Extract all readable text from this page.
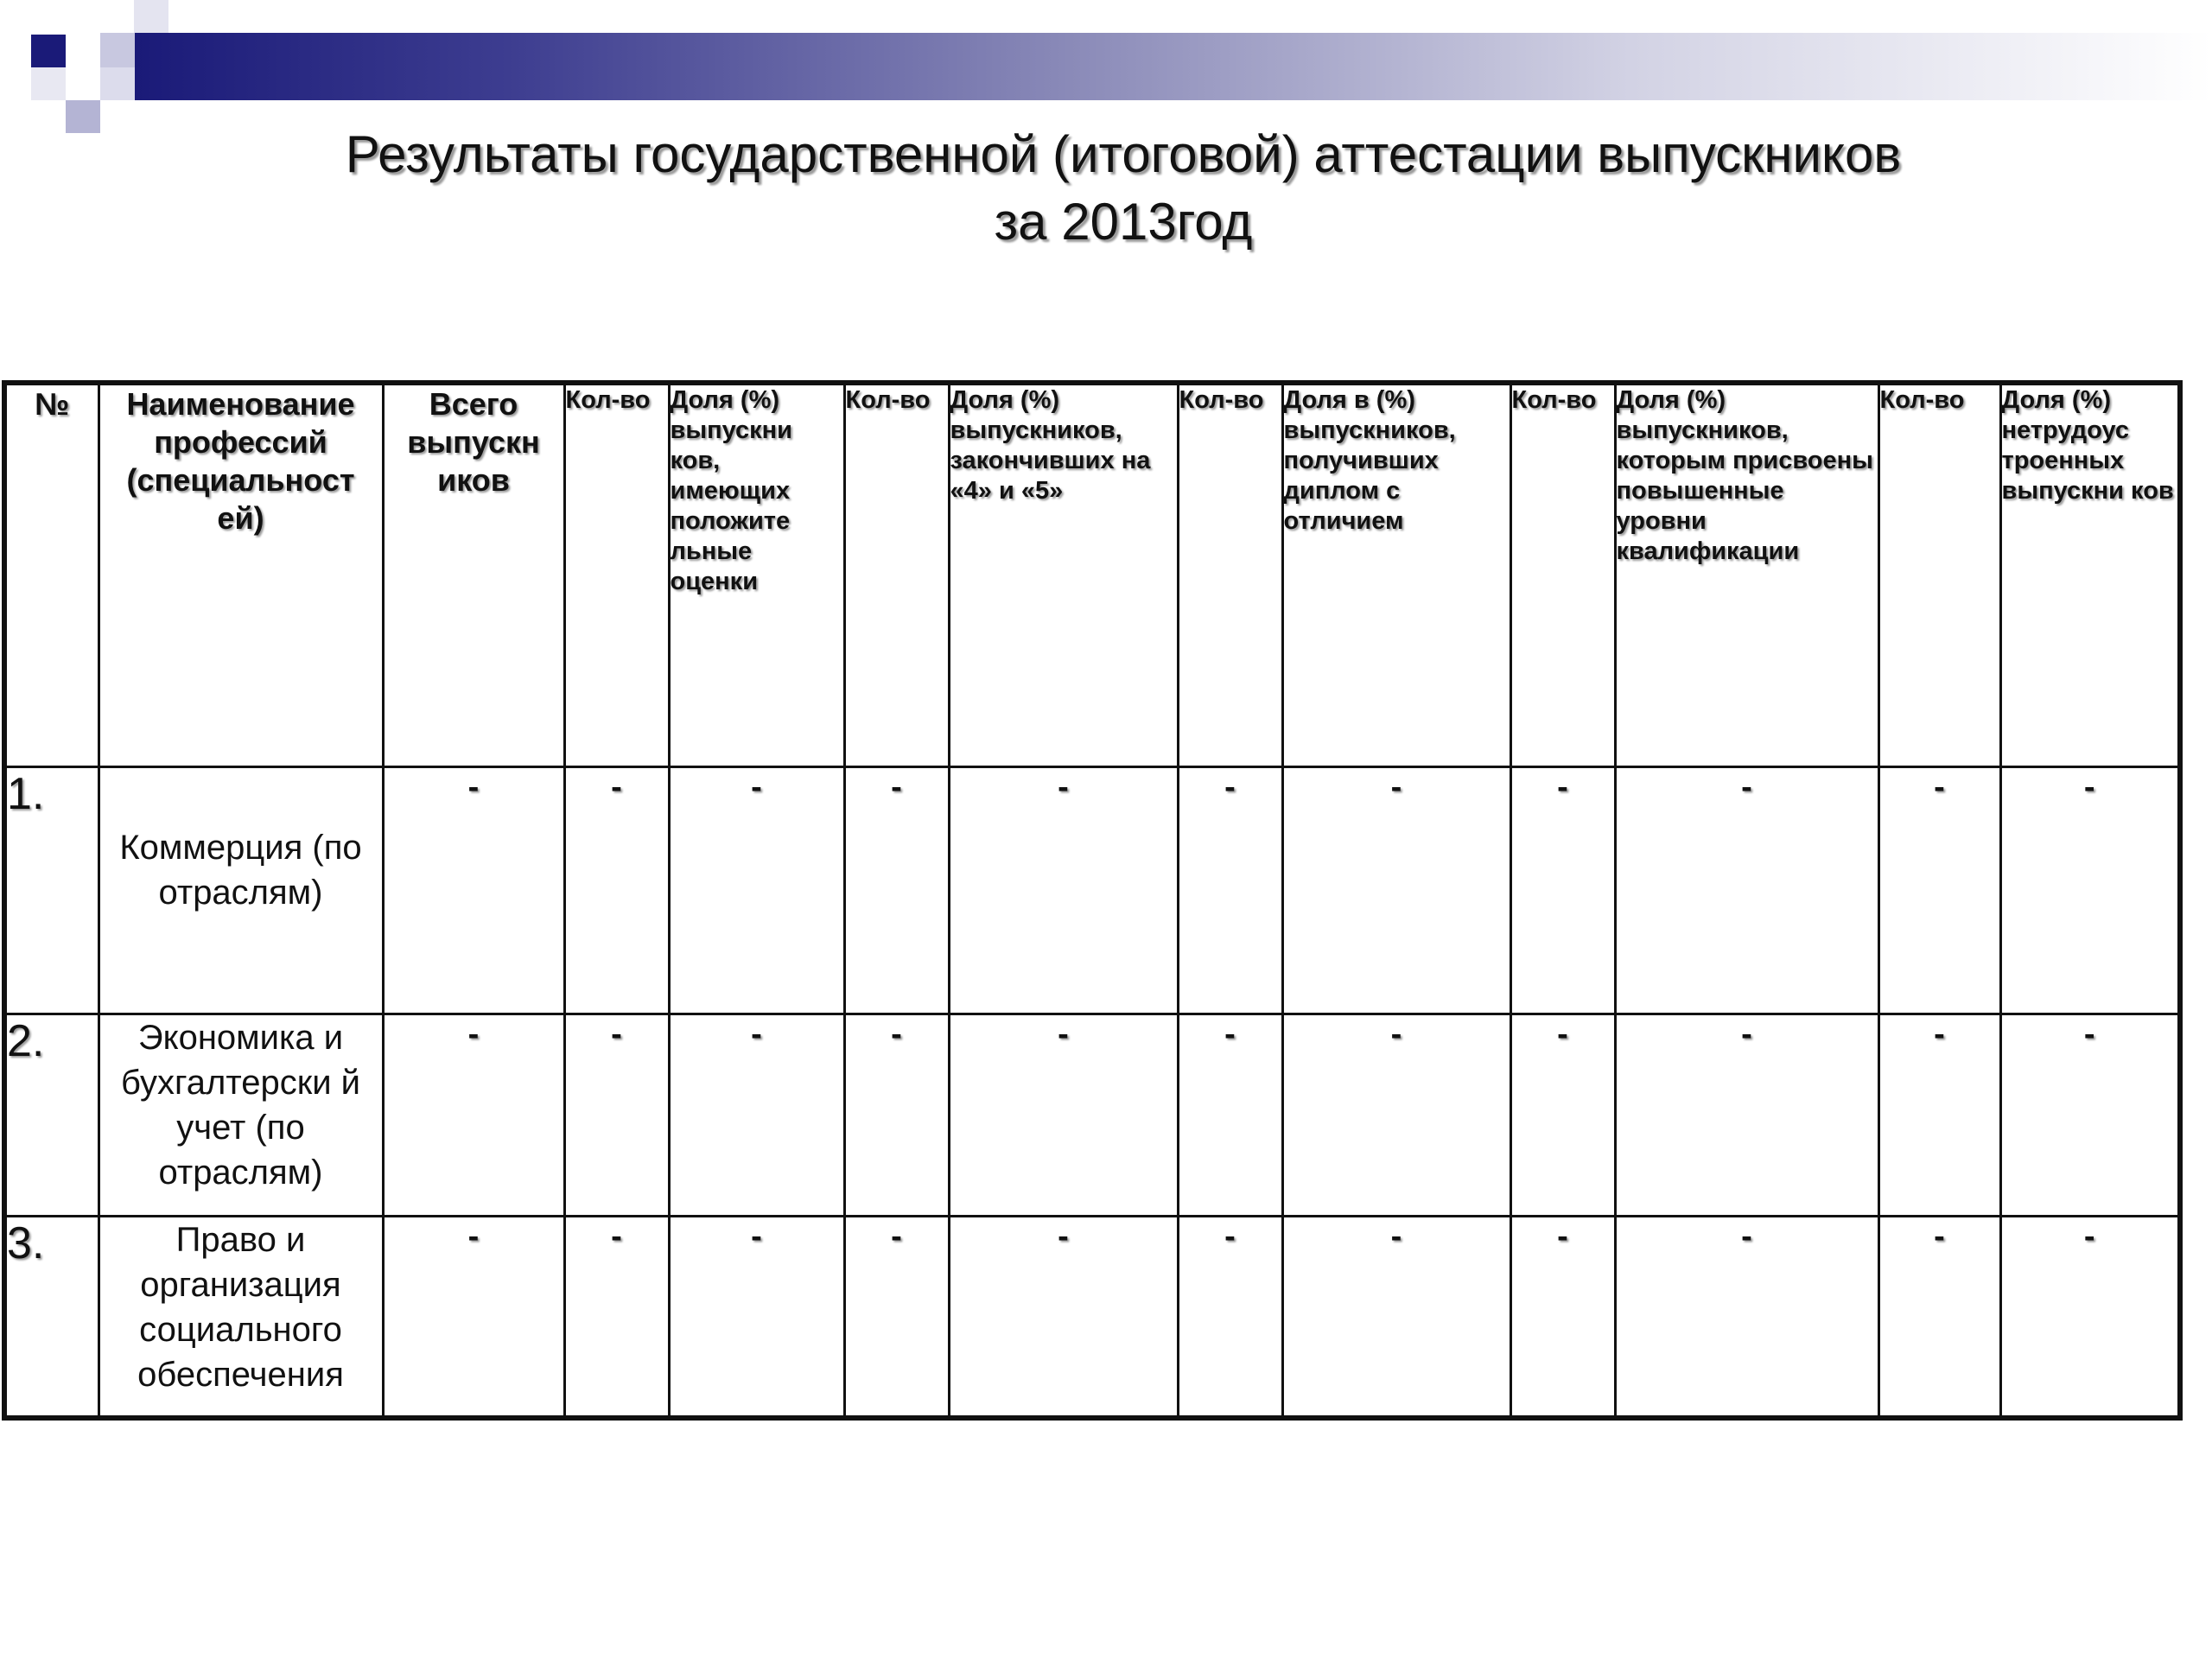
Результаты государственной (итоговой) аттестации выпускников
за 2013год
№	Наименование профессий (специальност ей)	Всего выпускн иков	Кол-во	Доля (%) выпускни ков, имеющих положите льные оценки	Кол-во	Доля (%) выпускников, закончивших на «4» и «5»	Кол-во	Доля в (%) выпускников, получивших диплом с отличием	Кол-во	Доля (%) выпускников, которым присвоены повышенные уровни квалификации	Кол-во	Доля (%) нетрудоус троенных выпускни ков
1.	Коммерция (по отраслям)	-	-	-	-	-	-	-	-	-	-	-
2.	Экономика и бухгалтерски й учет (по отраслям)	-	-	-	-	-	-	-	-	-	-	-
3.	Право и организация социального обеспечения	-	-	-	-	-	-	-	-	-	-	-
